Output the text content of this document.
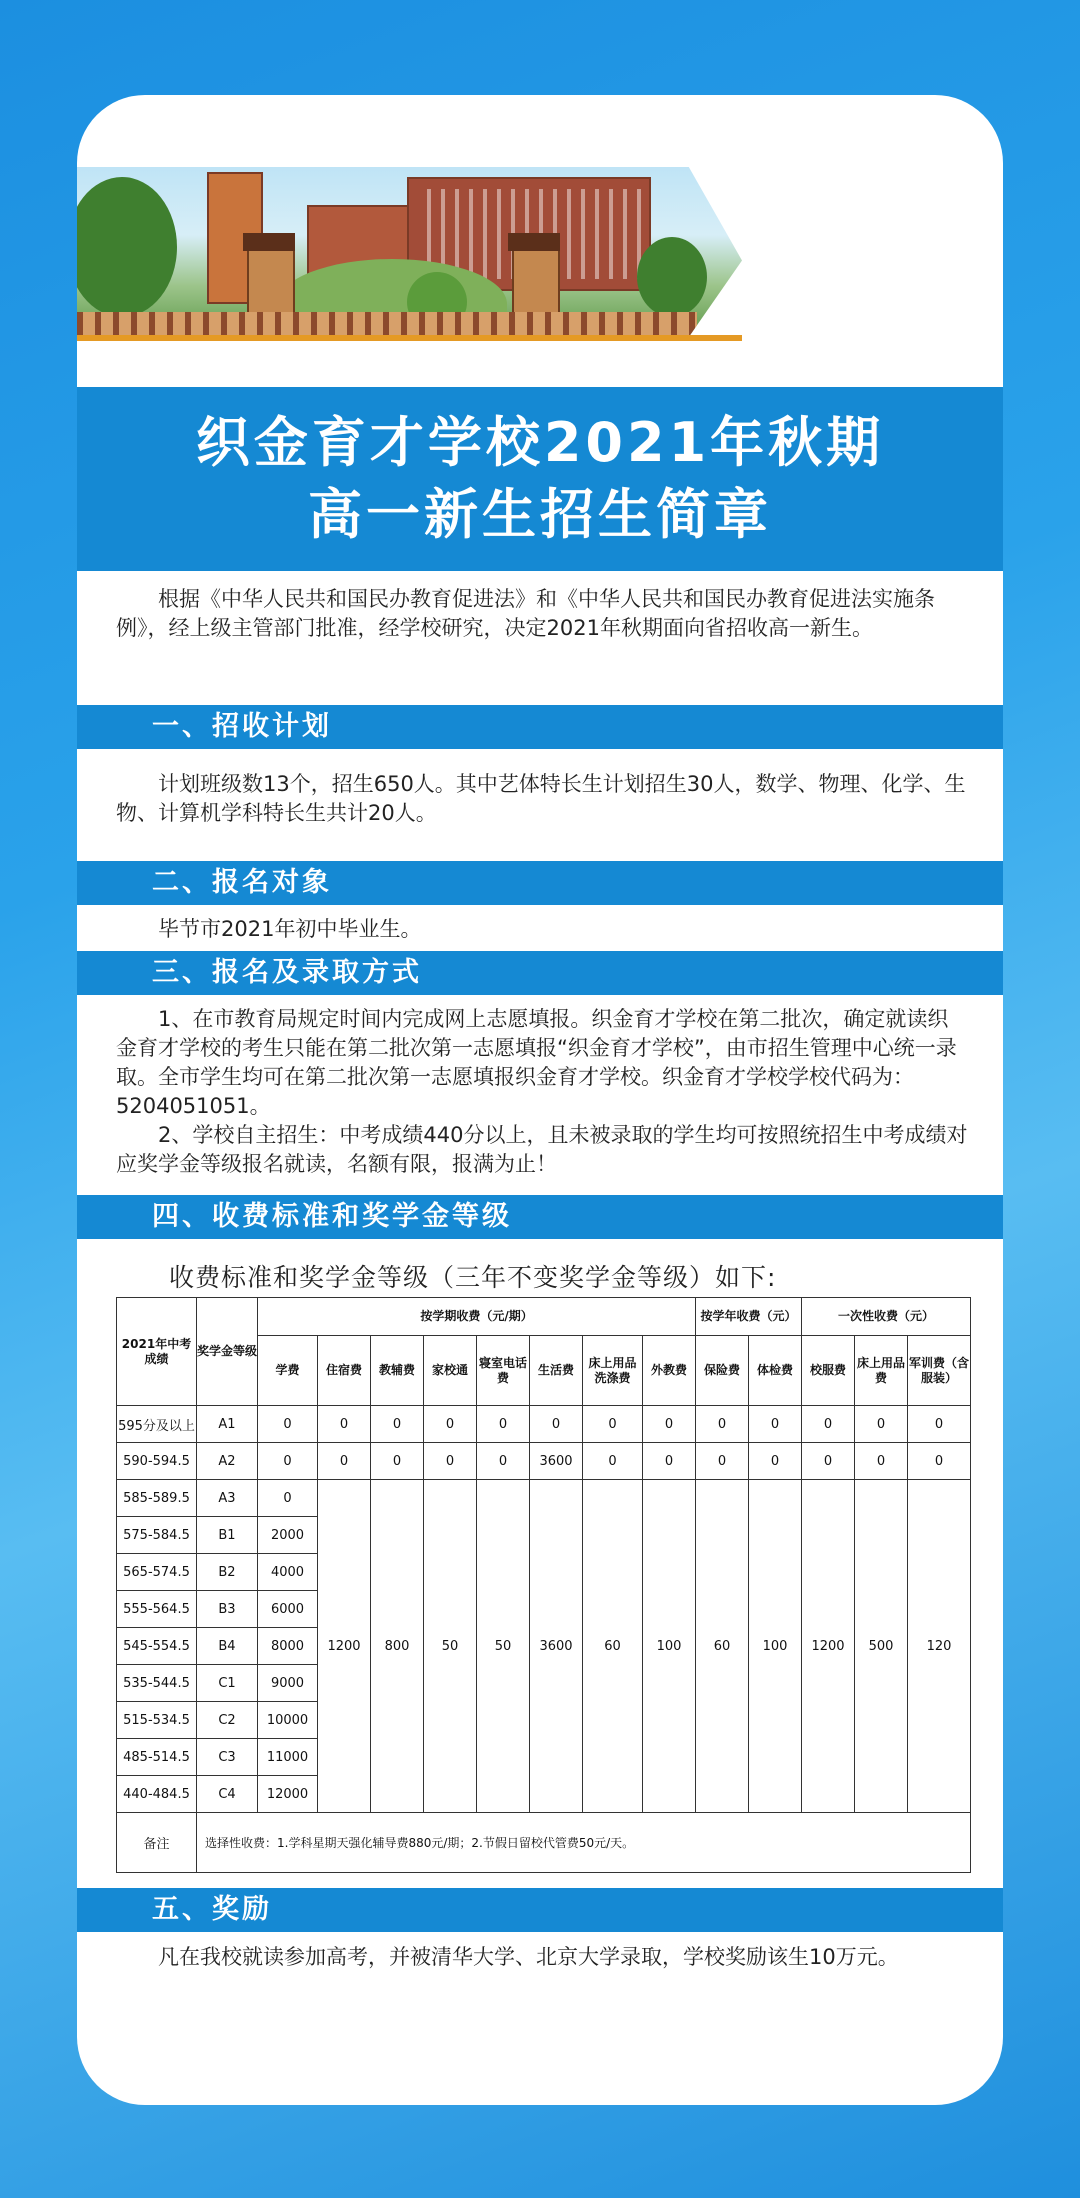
织金育才学校2021年秋期
高一新生招生简章

根据《中华人民共和国民办教育促进法》和《中华人民共和国民办教育促进法实施条例》，经上级主管部门批准，经学校研究，决定2021年秋期面向省招收高一新生。

一、招收计划

计划班级数13个，招生650人。其中艺体特长生计划招生30人，数学、物理、化学、生物、计算机学科特长生共计20人。

二、报名对象

毕节市2021年初中毕业生。

三、报名及录取方式

1、在市教育局规定时间内完成网上志愿填报。织金育才学校在第二批次，确定就读织金育才学校的考生只能在第二批次第一志愿填报“织金育才学校”，由市招生管理中心统一录取。全市学生均可在第二批次第一志愿填报织金育才学校。织金育才学校学校代码为：5204051051。

2、学校自主招生：中考成绩440分以上，且未被录取的学生均可按照统招生中考成绩对应奖学金等级报名就读，名额有限，报满为止！

四、收费标准和奖学金等级
收费标准和奖学金等级（三年不变奖学金等级）如下:
2021年中考成绩	奖学金等级	按学期收费（元/期）								按学年收费（元）		一次性收费（元）		
		学费	住宿费	教辅费	家校通	寝室电话费	生活费	床上用品洗涤费	外教费	保险费	体检费	校服费	床上用品费	军训费（含服装）
595分及以上	A1	0	0	0	0	0	0	0	0	0	0	0	0	0
590-594.5	A2	0	0	0	0	0	3600	0	0	0	0	0	0	0
585-589.5	A3	0	1200	800	50	50	3600	60	100	60	100	1200	500	120
575-584.5	B1	2000												
565-574.5	B2	4000												
555-564.5	B3	6000												
545-554.5	B4	8000												
535-544.5	C1	9000												
515-534.5	C2	10000												
485-514.5	C3	11000												
440-484.5	C4	12000												
备注	选择性收费：1.学科星期天强化辅导费880元/期；2.节假日留校代管费50元/天。													
五、奖励

凡在我校就读参加高考，并被清华大学、北京大学录取，学校奖励该生10万元。
